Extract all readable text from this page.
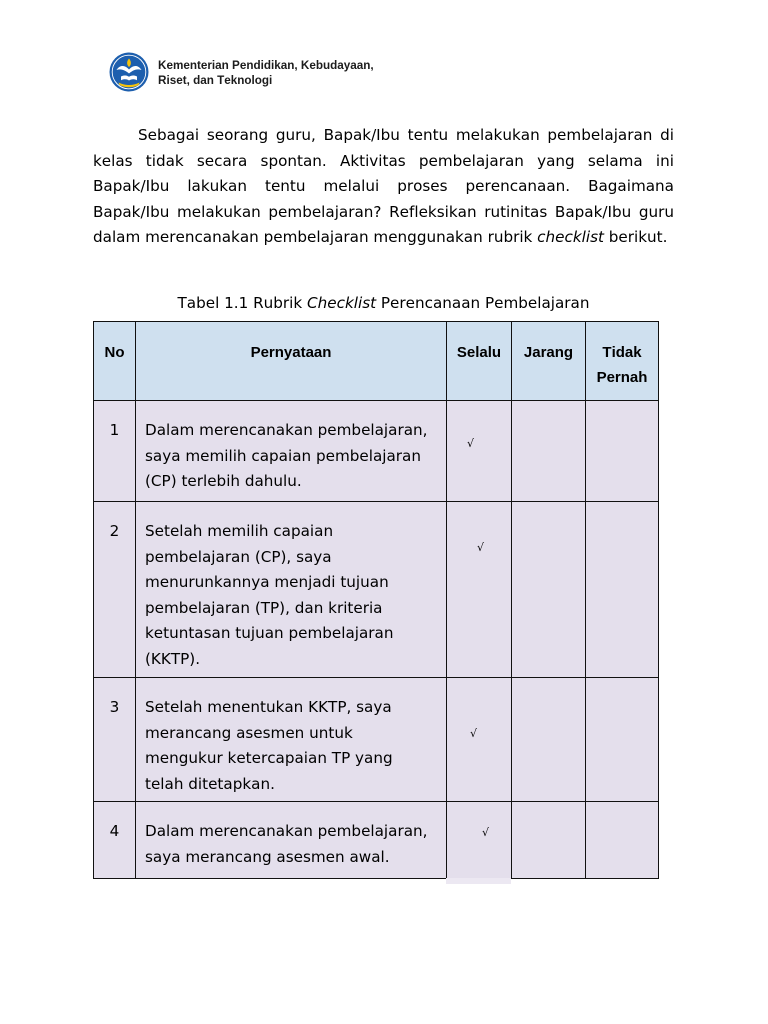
Kementerian Pendidikan, Kebudayaan,
Riset, dan Teknologi

Sebagai seorang guru, Bapak/Ibu tentu melakukan pembelajaran di kelas tidak secara spontan. Aktivitas pembelajaran yang selama ini Bapak/Ibu lakukan tentu melalui proses perencanaan. Bagaimana Bapak/Ibu melakukan pembelajaran? Refleksikan rutinitas Bapak/Ibu guru dalam merencanakan pembelajaran menggunakan rubrik checklist berikut.

Tabel 1.1 Rubrik Checklist Perencanaan Pembelajaran

No	Pernyataan	Selalu	Jarang	Tidak Pernah
1	Dalam merencanakan pembelajaran, saya memilih capaian pembelajaran (CP) terlebih dahulu.	√		

2	Setelah memilih capaian pembelajaran (CP), saya menurunkannya menjadi tujuan pembelajaran (TP), dan kriteria ketuntasan tujuan pembelajaran (KKTP).	√		

3	Setelah menentukan KKTP, saya merancang asesmen untuk mengukur ketercapaian TP yang telah ditetapkan.	√		

4	Dalam merencanakan pembelajaran, saya merancang asesmen awal.	√		
